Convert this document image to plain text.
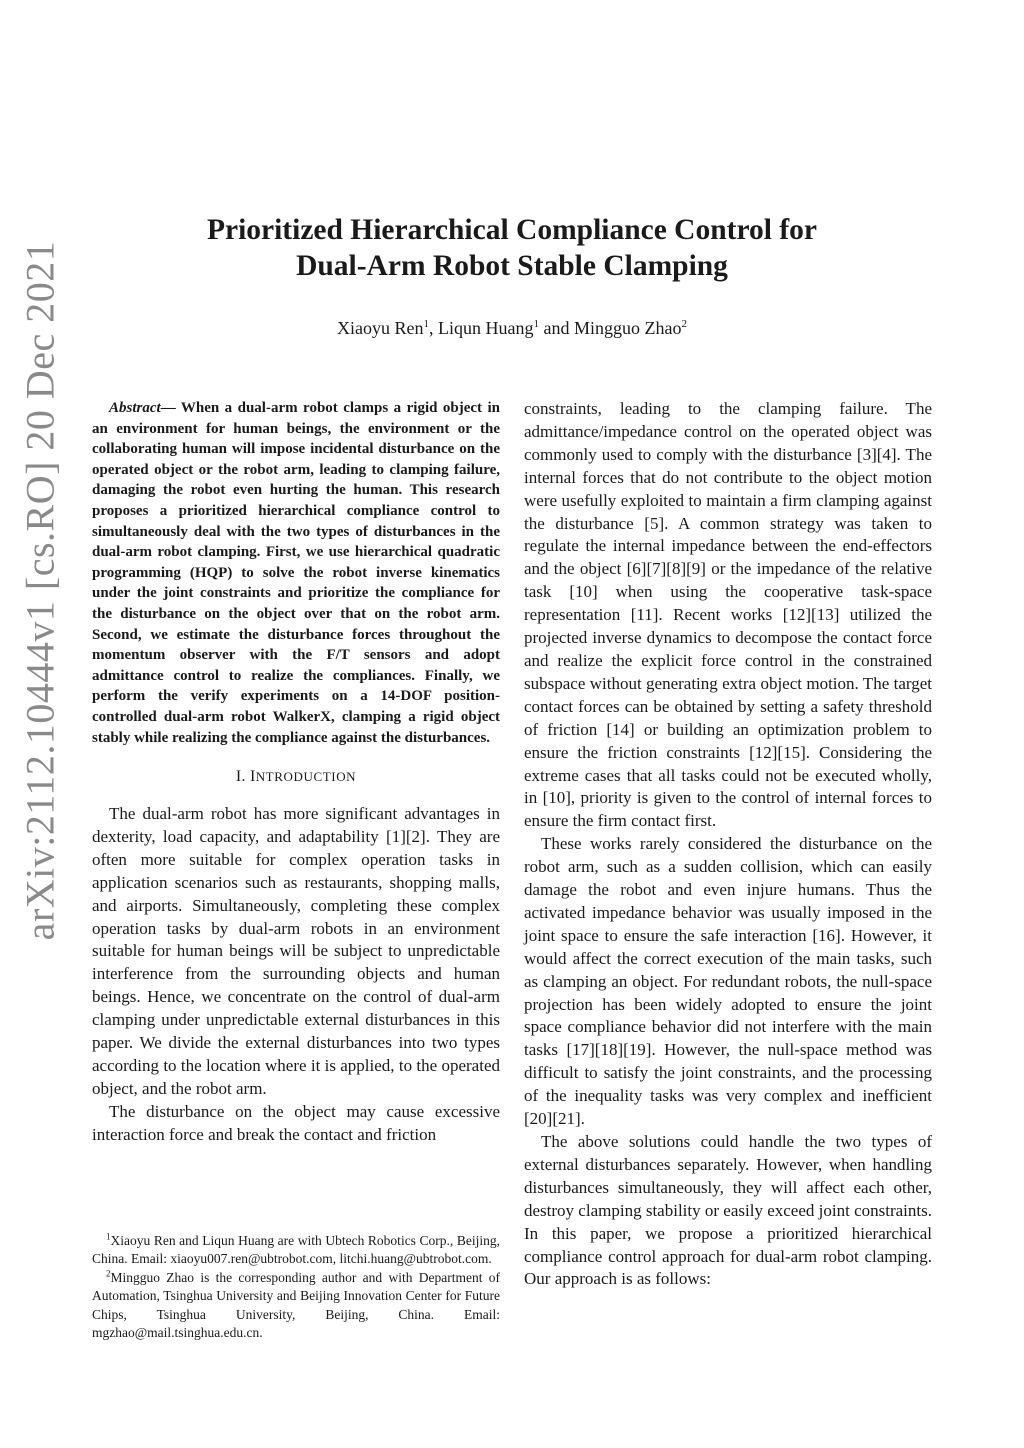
arXiv:2112.10444v1 [cs.RO] 20 Dec 2021
Prioritized Hierarchical Compliance Control for
Dual-Arm Robot Stable Clamping
Xiaoyu Ren$^1$, Liqun Huang$^1$ and Mingguo Zhao$^2$

Abstract— When a dual-arm robot clamps a rigid object in an environment for human beings, the environment or the collaborating human will impose incidental disturbance on the operated object or the robot arm, leading to clamping failure, damaging the robot even hurting the human. This research proposes a prioritized hierarchical compliance control to simultaneously deal with the two types of disturbances in the dual-arm robot clamping. First, we use hierarchical quadratic programming (HQP) to solve the robot inverse kinematics under the joint constraints and prioritize the compliance for the disturbance on the object over that on the robot arm. Second, we estimate the disturbance forces throughout the momentum observer with the F/T sensors and adopt admittance control to realize the compliances. Finally, we perform the verify experiments on a 14-DOF position-controlled dual-arm robot WalkerX, clamping a rigid object stably while realizing the compliance against the disturbances.

I. INTRODUCTION

The dual-arm robot has more significant advantages in dexterity, load capacity, and adaptability [1][2]. They are often more suitable for complex operation tasks in application scenarios such as restaurants, shopping malls, and airports. Simultaneously, completing these complex operation tasks by dual-arm robots in an environment suitable for human beings will be subject to unpredictable interference from the surrounding objects and human beings. Hence, we concentrate on the control of dual-arm clamping under unpredictable external disturbances in this paper. We divide the external disturbances into two types according to the location where it is applied, to the operated object, and the robot arm.

The disturbance on the object may cause excessive interaction force and break the contact and friction

constraints, leading to the clamping failure. The admittance/impedance control on the operated object was commonly used to comply with the disturbance [3][4]. The internal forces that do not contribute to the object motion were usefully exploited to maintain a firm clamping against the disturbance [5]. A common strategy was taken to regulate the internal impedance between the end-effectors and the object [6][7][8][9] or the impedance of the relative task [10] when using the cooperative task-space representation [11]. Recent works [12][13] utilized the projected inverse dynamics to decompose the contact force and realize the explicit force control in the constrained subspace without generating extra object motion. The target contact forces can be obtained by setting a safety threshold of friction [14] or building an optimization problem to ensure the friction constraints [12][15]. Considering the extreme cases that all tasks could not be executed wholly, in [10], priority is given to the control of internal forces to ensure the firm contact first.

These works rarely considered the disturbance on the robot arm, such as a sudden collision, which can easily damage the robot and even injure humans. Thus the activated impedance behavior was usually imposed in the joint space to ensure the safe interaction [16]. However, it would affect the correct execution of the main tasks, such as clamping an object. For redundant robots, the null-space projection has been widely adopted to ensure the joint space compliance behavior did not interfere with the main tasks [17][18][19]. However, the null-space method was difficult to satisfy the joint constraints, and the processing of the inequality tasks was very complex and inefficient [20][21].

The above solutions could handle the two types of external disturbances separately. However, when handling disturbances simultaneously, they will affect each other, destroy clamping stability or easily exceed joint constraints. In this paper, we propose a prioritized hierarchical compliance control approach for dual-arm robot clamping. Our approach is as follows:

$^1$Xiaoyu Ren and Liqun Huang are with Ubtech Robotics Corp., Beijing, China. Email: xiaoyu007.ren@ubtrobot.com, litchi.huang@ubtrobot.com.

$^2$Mingguo Zhao is the corresponding author and with Department of Automation, Tsinghua University and Beijing Innovation Center for Future Chips, Tsinghua University, Beijing, China. Email: mgzhao@mail.tsinghua.edu.cn.
